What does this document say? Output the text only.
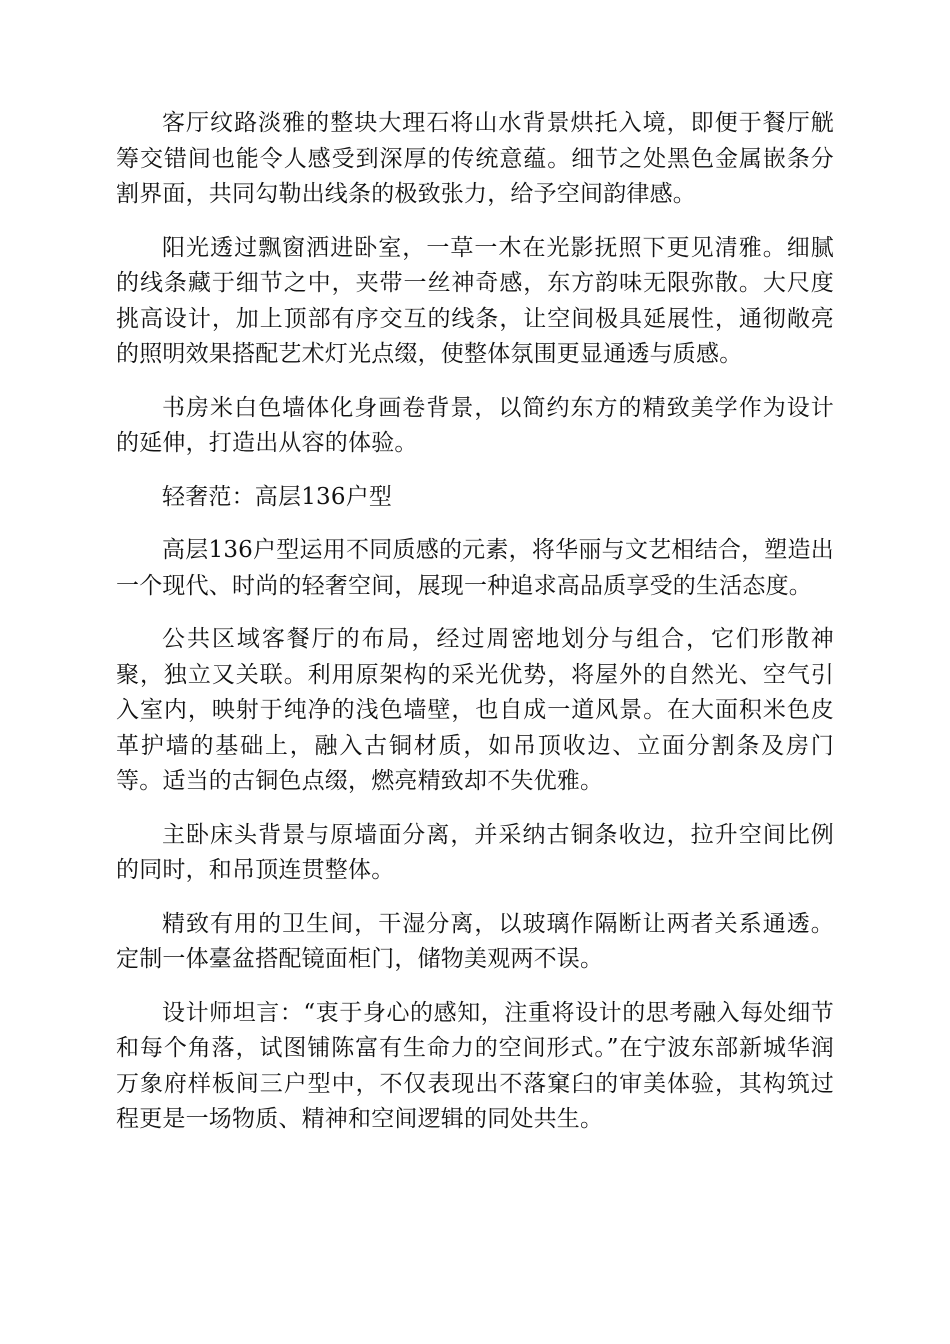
客厅纹路淡雅的整块大理石将山水背景烘托入境，即便于餐厅觥筹交错间也能令人感受到深厚的传统意蕴。细节之处黑色金属嵌条分割界面，共同勾勒出线条的极致张力，给予空间韵律感。

阳光透过飘窗洒进卧室，一草一木在光影抚照下更见清雅。细腻的线条藏于细节之中，夹带一丝神奇感，东方韵味无限弥散。大尺度挑高设计，加上顶部有序交互的线条，让空间极具延展性，通彻敞亮的照明效果搭配艺术灯光点缀，使整体氛围更显通透与质感。

书房米白色墙体化身画卷背景，以简约东方的精致美学作为设计的延伸，打造出从容的体验。

轻奢范：高层136户型

高层136户型运用不同质感的元素，将华丽与文艺相结合，塑造出一个现代、时尚的轻奢空间，展现一种追求高品质享受的生活态度。

公共区域客餐厅的布局，经过周密地划分与组合，它们形散神聚，独立又关联。利用原架构的采光优势，将屋外的自然光、空气引入室内，映射于纯净的浅色墙壁，也自成一道风景。在大面积米色皮革护墙的基础上，融入古铜材质，如吊顶收边、立面分割条及房门等。适当的古铜色点缀，燃亮精致却不失优雅。

主卧床头背景与原墙面分离，并采纳古铜条收边，拉升空间比例的同时，和吊顶连贯整体。

精致有用的卫生间，干湿分离，以玻璃作隔断让两者关系通透。定制一体臺盆搭配镜面柜门，储物美观两不误。

设计师坦言：“衷于身心的感知，注重将设计的思考融入每处细节和每个角落，试图铺陈富有生命力的空间形式。”在宁波东部新城华润万象府样板间三户型中，不仅表现出不落窠臼的审美体验，其构筑过程更是一场物质、精神和空间逻辑的同处共生。
